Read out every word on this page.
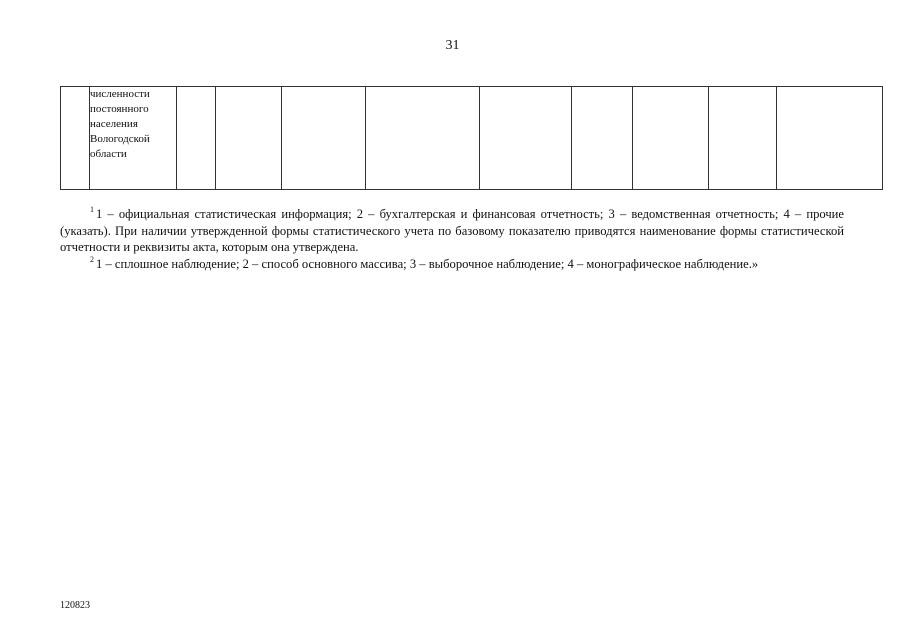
31

численности
постоянного
населения
Вологодской
области

$^1$ 1 – официальная статистическая информация; 2 – бухгалтерская и финансовая отчетность; 3 – ведомственная отчетность; 4 – прочие (указать). При наличии утвержденной формы статистического учета по базовому показателю приводятся наименование формы статистической отчетности и реквизиты акта, которым она утверждена.

$^2$ 1 – сплошное наблюдение; 2 – способ основного массива; 3 – выборочное наблюдение; 4 – монографическое наблюдение.»

120823
